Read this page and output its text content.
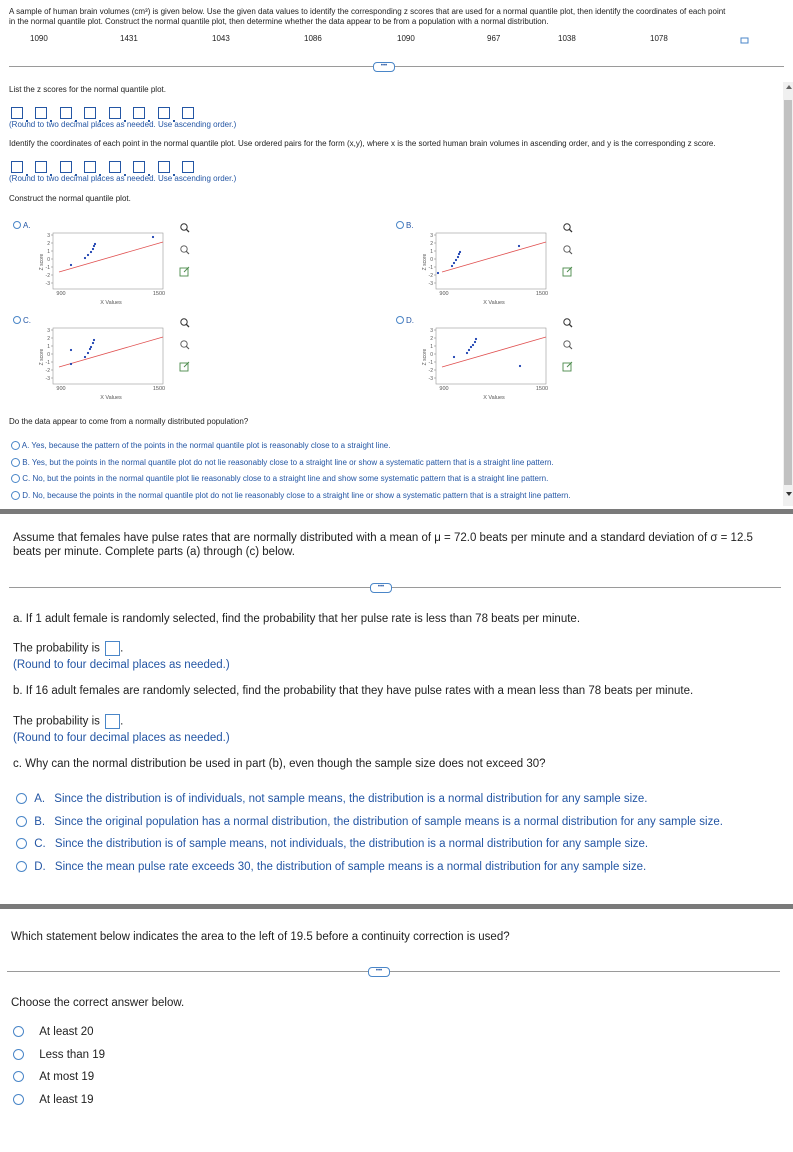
A sample of human brain volumes (cm³) is given below. Use the given data values to identify the corresponding z scores that are used for a normal quantile plot, then identify the coordinates of each point
in the normal quantile plot. Construct the normal quantile plot, then determine whether the data appear to be from a population with a normal distribution.
1090	1431	1043	1086	1090	967	1038	1078
•••
List the z scores for the normal quantile plot.

(Round to two decimal places as needed. Use ascending order.)
Identify the coordinates of each point in the normal quantile plot. Use ordered pairs for the form (x,y), where x is the sorted human brain volumes in ascending order, and y is the corresponding z score.

(Round to two decimal places as needed. Use ascending order.)
Construct the normal quantile plot.
A.
3
2
1
0
-1
-2
-3
Z score
900	1500
X Values
B.
3
2
1
0
-1
-2
-3
Z score
900	1500
X Values
C.
3
2
1
0
-1
-2
-3
Z score
900	1500
X Values
D.
3
2
1
0
-1
-2
-3
Z score
900	1500
X Values
Do the data appear to come from a normally distributed population?
A. Yes, because the pattern of the points in the normal quantile plot is reasonably close to a straight line.
B. Yes, but the points in the normal quantile plot do not lie reasonably close to a straight line or show a systematic pattern that is a straight line pattern.
C. No, but the points in the normal quantile plot lie reasonably close to a straight line and show some systematic pattern that is a straight line pattern.
D. No, because the points in the normal quantile plot do not lie reasonably close to a straight line or show a systematic pattern that is a straight line pattern.
Assume that females have pulse rates that are normally distributed with a mean of μ = 72.0 beats per minute and a standard deviation of σ = 12.5
beats per minute. Complete parts (a) through (c) below.
•••
a. If 1 adult female is randomly selected, find the probability that her pulse rate is less than 78 beats per minute.
The probability is .
(Round to four decimal places as needed.)
b. If 16 adult females are randomly selected, find the probability that they have pulse rates with a mean less than 78 beats per minute.
The probability is .
(Round to four decimal places as needed.)
c. Why can the normal distribution be used in part (b), even though the sample size does not exceed 30?
A. Since the distribution is of individuals, not sample means, the distribution is a normal distribution for any sample size.
B. Since the original population has a normal distribution, the distribution of sample means is a normal distribution for any sample size.
C. Since the distribution is of sample means, not individuals, the distribution is a normal distribution for any sample size.
D. Since the mean pulse rate exceeds 30, the distribution of sample means is a normal distribution for any sample size.
Which statement below indicates the area to the left of 19.5 before a continuity correction is used?
•••
Choose the correct answer below.
At least 20
Less than 19
At most 19
At least 19
